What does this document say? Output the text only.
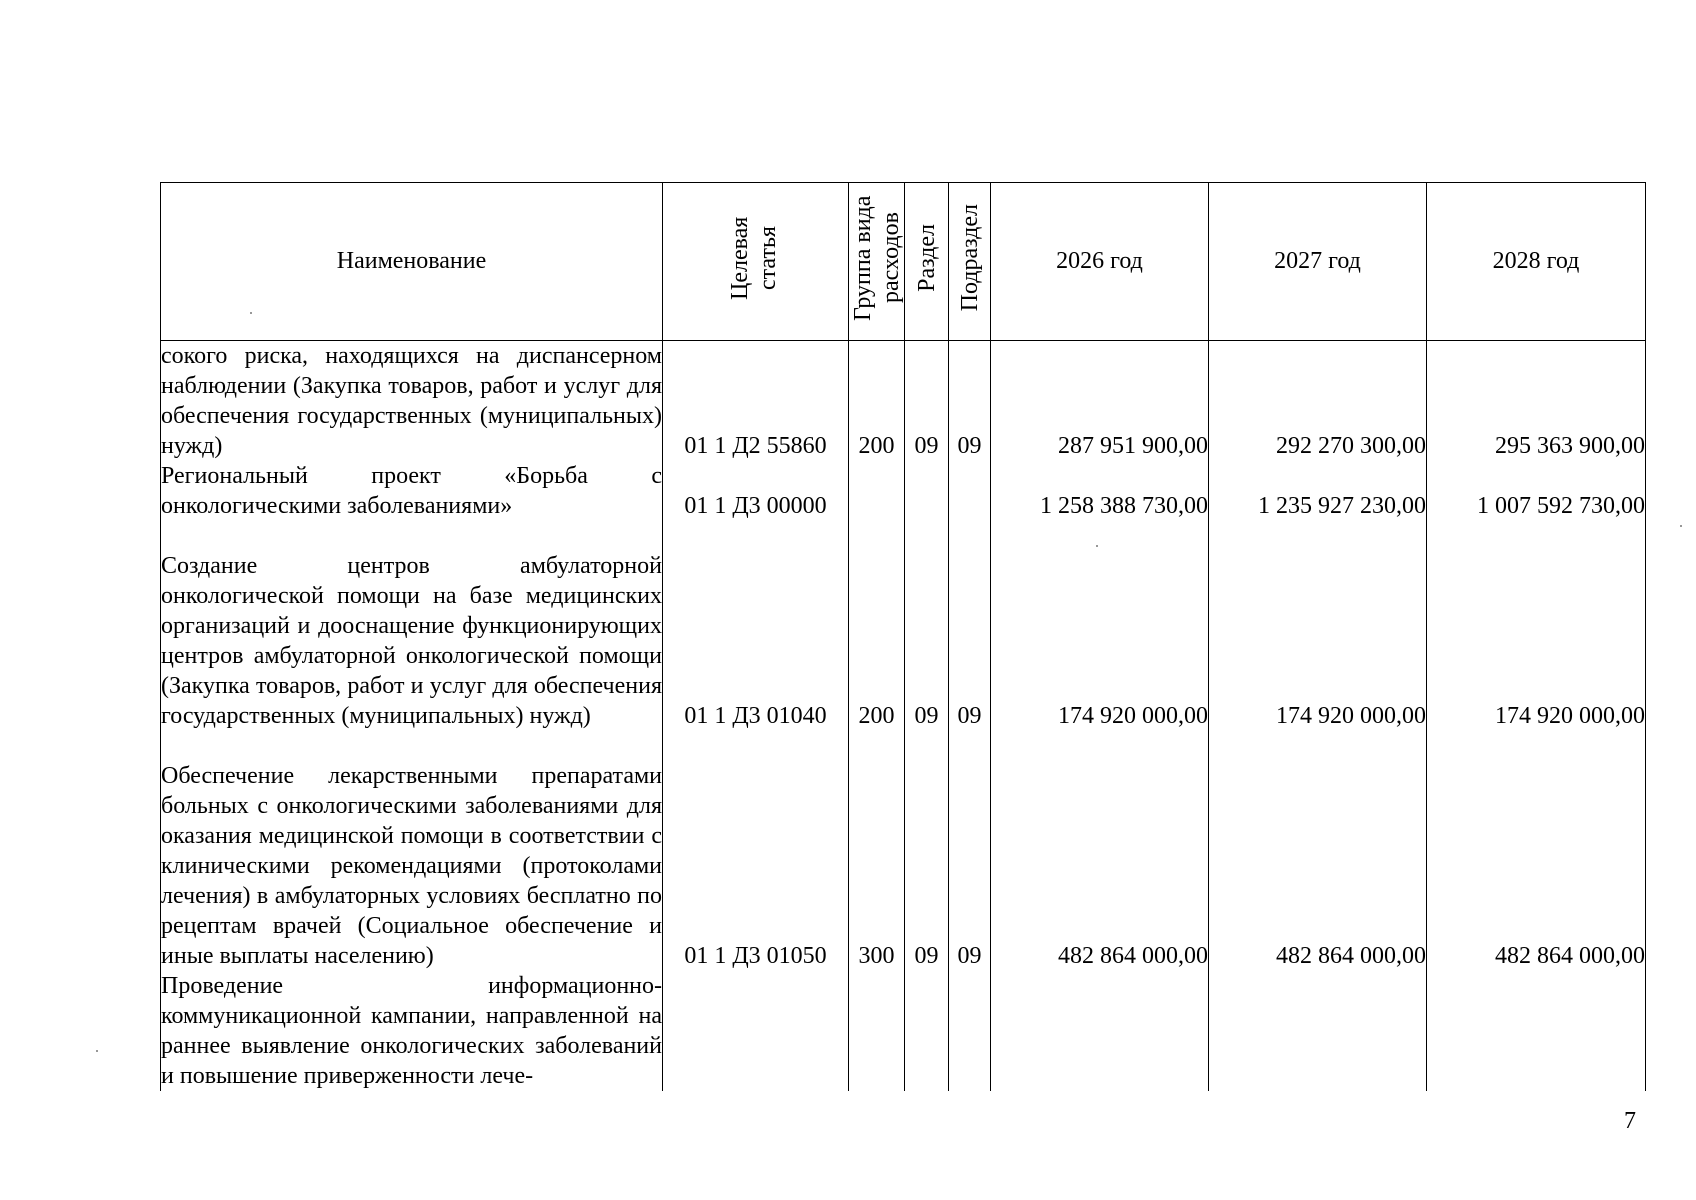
Наименование	Целевая статья	Группа вида расходов	Раздел	Подраздел	2026 год	2027 год	2028 год
сокого риска, находящихся на диспансерном наблюдении (Закупка товаров, работ и услуг для обеспечения государственных (муниципальных) нужд)	01 1 Д2 55860	200	09	09	287 951 900,00	292 270 300,00	295 363 900,00
Региональный проект «Борьба с онкологическими заболеваниями»	01 1 Д3 00000				1 258 388 730,00	1 235 927 230,00	1 007 592 730,00
Создание центров амбулаторной онкологической помощи на базе медицинских организаций и дооснащение функционирующих центров амбулаторной онкологической помощи (Закупка товаров, работ и услуг для обеспечения государственных (муниципальных) нужд)	01 1 Д3 01040	200	09	09	174 920 000,00	174 920 000,00	174 920 000,00
Обеспечение лекарственными препаратами больных с онкологическими заболеваниями для оказания медицинской помощи в соответствии с клиническими рекомендациями (протоколами лечения) в амбулаторных условиях бесплатно по рецептам врачей (Социальное обеспечение и иные выплаты населению)	01 1 Д3 01050	300	09	09	482 864 000,00	482 864 000,00	482 864 000,00
Проведение информационно-коммуникационной кампании, направленной на раннее выявление онкологических заболеваний и повышение приверженности лече-							
7
